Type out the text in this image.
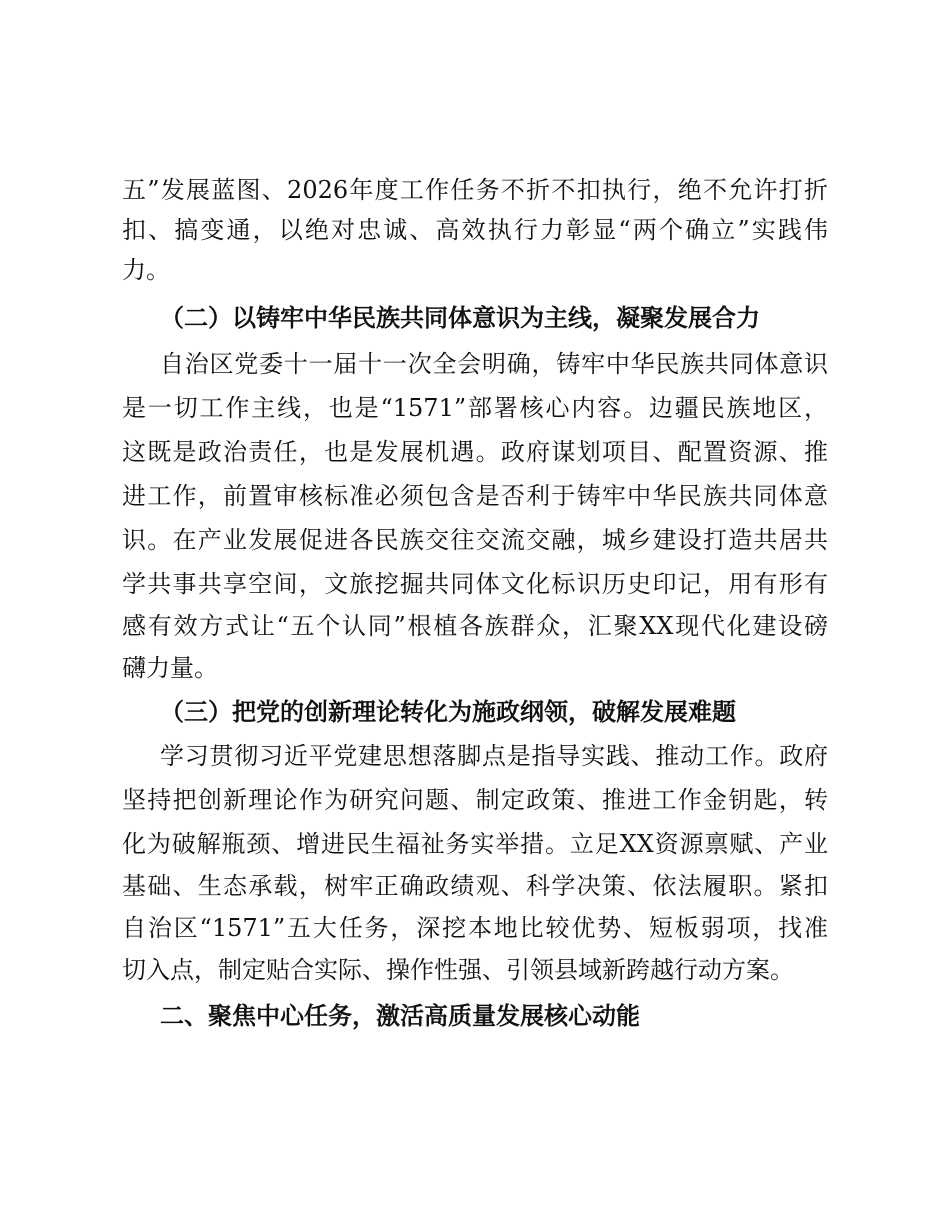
五”发展蓝图、2026年度工作任务不折不扣执行，绝不允许打折
扣、搞变通，以绝对忠诚、高效执行力彰显“两个确立”实践伟
力。
（二）以铸牢中华民族共同体意识为主线，凝聚发展合力
自治区党委十一届十一次全会明确，铸牢中华民族共同体意识
是一切工作主线，也是“1571”部署核心内容。边疆民族地区，
这既是政治责任，也是发展机遇。政府谋划项目、配置资源、推
进工作，前置审核标准必须包含是否利于铸牢中华民族共同体意
识。在产业发展促进各民族交往交流交融，城乡建设打造共居共
学共事共享空间，文旅挖掘共同体文化标识历史印记，用有形有
感有效方式让“五个认同”根植各族群众，汇聚XX现代化建设磅
礴力量。
（三）把党的创新理论转化为施政纲领，破解发展难题
学习贯彻习近平党建思想落脚点是指导实践、推动工作。政府
坚持把创新理论作为研究问题、制定政策、推进工作金钥匙，转
化为破解瓶颈、增进民生福祉务实举措。立足XX资源禀赋、产业
基础、生态承载，树牢正确政绩观、科学决策、依法履职。紧扣
自治区“1571”五大任务，深挖本地比较优势、短板弱项，找准
切入点，制定贴合实际、操作性强、引领县域新跨越行动方案。
二、聚焦中心任务，激活高质量发展核心动能
